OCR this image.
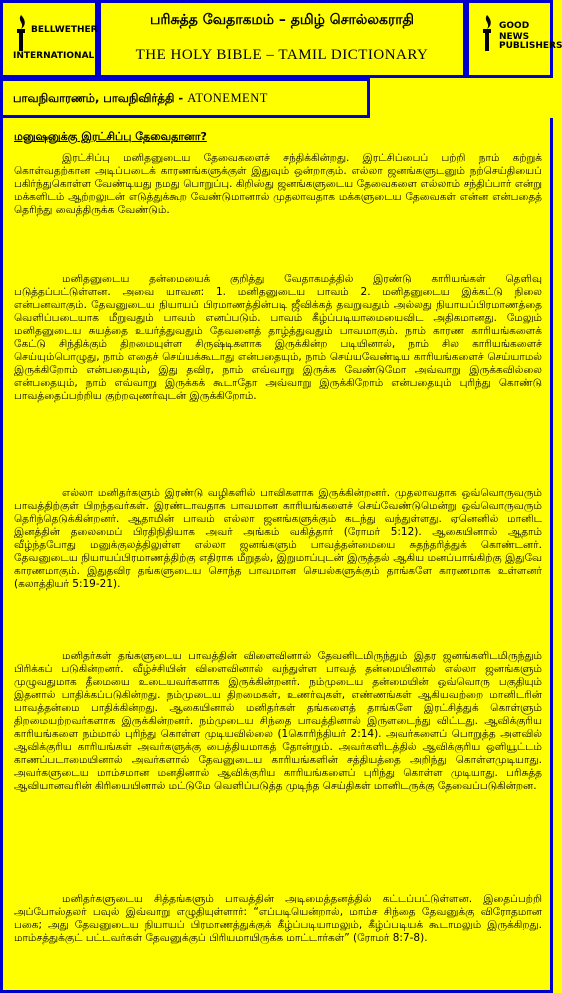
BELLWETHER
INTERNATIONAL
பரிசுத்த வேதாகமம் – தமிழ் சொல்லகராதி
THE HOLY BIBLE – TAMIL DICTIONARY
GOOD NEWS
PUBLISHERS
பாவநிவாரணம், பாவநிவிர்த்தி - ATONEMENT
மனுஷனுக்கு இரட்சிப்பு தேவைதானா?

இரட்சிப்பு மனிதனுடைய தேவைகளைச் சந்திக்கின்றது. இரட்சிப்பைப் பற்றி நாம் கற்றுக் கொள்வதற்கான அடிப்படைக் காரணங்களுக்குள் இதுவும் ஒன்றாகும். எல்லா ஜனங்களுடனும் நற்செய்தியைப் பகிர்ந்துகொள்ள வேண்டியது நமது பொறுப்பு. கிறிஸ்து ஜனங்களுடைய தேவைகளை எல்லாம் சந்திப்பார் என்று மக்களிடம் ஆற்றலுடன் எடுத்துக்கூற வேண்டுமானால் முதலாவதாக மக்களுடைய தேவைகள் என்ன என்பதைத் தெரிந்து வைத்திருக்க வேண்டும்.

மனிதனுடைய தன்மையைக் குறித்து வேதாகமத்தில் இரண்டு காரியங்கள் தெளிவு படுத்தப்பட்டுள்ளன. அவை யாவன: 1. மனிதனுடைய பாவம் 2. மனிதனுடைய இக்கட்டு நிலை என்பனவாகும். தேவனுடைய நியாயப் பிரமாணத்தின்படி ஜீவிக்கத் தவறுவதும் அல்லது நியாயப்பிரமாணத்தை வெளிப்படையாக மீறுவதும் பாவம் எனப்படும். பாவம் கீழ்ப்படியாமையைவிட அதிகமானது. மேலும் மனிதனுடைய சுயத்தை உயர்த்துவதும் தேவனைத் தாழ்த்துவதும் பாவமாகும். நாம் காரண காரியங்களைக் கேட்டு சிந்திக்கும் திறமையுள்ள சிருஷ்டிகளாக இருக்கின்ற படியினால், நாம் சில காரியங்களைச் செய்யும்பொழுது, நாம் எதைச் செய்யக்கூடாது என்பதையும், நாம் செய்யவேண்டிய காரியங்களைச் செய்யாமல் இருக்கிறோம் என்பதையும், இது தவிர, நாம் எவ்வாறு இருக்க வேண்டுமோ அவ்வாறு இருக்கவில்லை என்பதையும், நாம் எவ்வாறு இருக்கக் கூடாதோ அவ்வாறு இருக்கிறோம் என்பதையும் புரிந்து கொண்டு பாவத்தைப்பற்றிய குற்றவுணர்வுடன் இருக்கிறோம்.

எல்லா மனிதர்களும் இரண்டு வழிகளில் பாவிகளாக இருக்கின்றனர். முதலாவதாக ஒவ்வொருவரும் பாவத்திற்குள் பிறந்தவர்கள். இரண்டாவதாக பாவமான காரியங்களைச் செய்வேண்டுமென்று ஒவ்வொருவரும் தெரிந்தெடுக்கின்றனர். ஆதாமின் பாவம் எல்லா ஜனங்களுக்கும் கடந்து வந்துள்ளது. ஏனெனில் மானிட இனத்தின் தலைமைப் பிரதிநிதியாக அவர் அங்கம் வகித்தார் (ரோமர் 5:12). ஆகையினால் ஆதாம் வீழ்ந்தபோது மனுக்குலத்திலுள்ள எல்லா ஜனங்களும் பாவத்தன்மையை சுதந்தரித்துக் கொண்டனர். தேவனுடைய நியாயப்பிரமாணத்திற்கு எதிராக மீறுதல், இறுமாப்புடன் இருத்தல் ஆகிய மனப்பாங்கிற்கு இதுவே காரணமாகும். இதுதவிர தங்களுடைய சொந்த பாவமான செயல்களுக்கும் தாங்களே காரணமாக உள்ளனர் (கலாத்தியர் 5:19-21).

மனிதர்கள் தங்களுடைய பாவத்தின் விளைவினால் தேவனிடமிருந்தும் இதர ஜனங்களிடமிருந்தும் பிரிக்கப் படுகின்றனர். வீழ்ச்சியின் விளைவினால் வந்துள்ள பாவத் தன்மையினால் எல்லா ஜனங்களும் முழுவதுமாக தீமையை உடையவர்களாக இருக்கின்றனர். நம்முடைய தன்மையின் ஒவ்வொரு பகுதியும் இதனால் பாதிக்கப்படுகின்றது. நம்முடைய திறமைகள், உணர்வுகள், எண்ணங்கள் ஆகியவற்றை மானிடரின் பாவத்தன்மை பாதிக்கின்றது. ஆகையினால் மனிதர்கள் தங்களைத் தாங்களே இரட்சித்துக் கொள்ளும் திறமையற்றவர்களாக இருக்கின்றனர். நம்முடைய சிந்தை பாவத்தினால் இருளடைந்து விட்டது. ஆவிக்குரிய காரியங்களை நம்மால் புரிந்து கொள்ள முடியவில்லை (1கொரிந்தியர் 2:14). அவர்களைப் பொறுத்த அளவில் ஆவிக்குரிய காரியங்கள் அவர்களுக்கு பைத்தியமாகத் தோன்றும். அவர்களிடத்தில் ஆவிக்குரிய ஒளியூட்டம் காணப்படாமையினால் அவர்களால் தேவனுடைய காரியங்களின் சத்தியத்தை அறிந்து கொள்ளமுடியாது. அவர்களுடைய மாம்சமான மனதினால் ஆவிக்குரிய காரியங்களைப் புரிந்து கொள்ள முடியாது. பரிசுத்த ஆவியானவரின் கிரியையினால் மட்டுமே வெளிப்படுத்த முடிந்த செய்திகள் மானிடருக்கு தேவைப்படுகின்றன.

மனிதர்களுடைய சித்தங்களும் பாவத்தின் அடிமைத்தனத்தில் கட்டப்பட்டுள்ளன. இதைப்பற்றி அப்போஸ்தலர் பவுல் இவ்வாறு எழுதியுள்ளார்: “எப்படியென்றால், மாம்ச சிந்தை தேவனுக்கு விரோதமான பகை; அது தேவனுடைய நியாயப் பிரமாணத்துக்குக் கீழ்ப்படியாமலும், கீழ்ப்படியக் கூடாமலும் இருக்கிறது. மாம்சத்துக்குட் பட்டவர்கள் தேவனுக்குப் பிரியமாயிருக்க மாட்டார்கள்” (ரோமர் 8:7-8).
